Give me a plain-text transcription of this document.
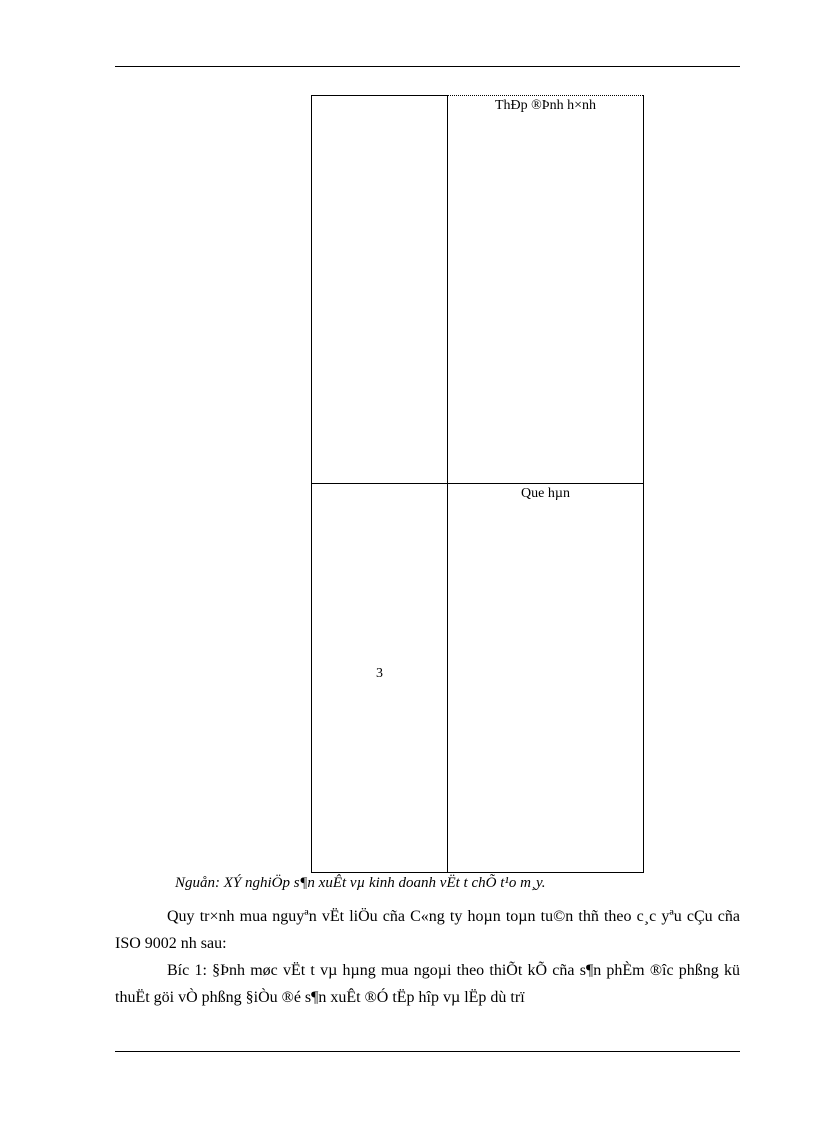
ThÐp ®Þnh h×nh
Que hµn
3
Nguån: XÝ nghiÖp s¶n xuÊt vµ kinh doanh vËt t chÕ t¹o m¸y.
Quy tr×nh mua nguyªn vËt liÖu cña C«ng ty hoµn toµn tu©n thñ theo c¸c yªu cÇu cña ISO 9002 nh sau:
Bíc 1: §Þnh møc vËt t vµ hµng mua ngoµi theo thiÕt kÕ cña s¶n phÈm ®îc phßng kü thuËt göi vÒ phßng §iÒu ®é s¶n xuÊt ®Ó tËp hîp vµ lËp dù trï
